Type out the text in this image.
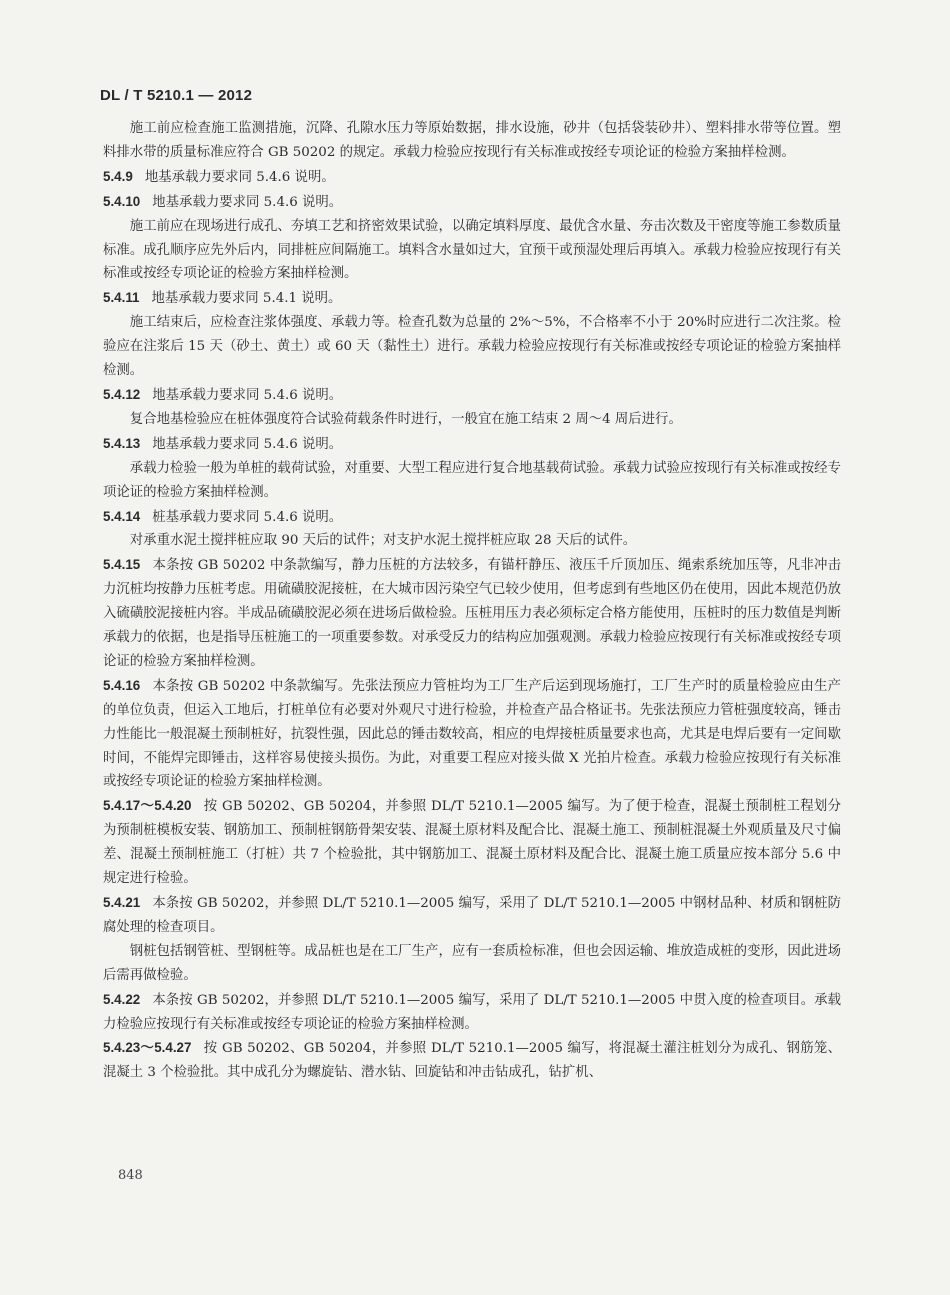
DL / T 5210.1 — 2012

施工前应检查施工监测措施，沉降、孔隙水压力等原始数据，排水设施，砂井（包括袋装砂井）、塑料排水带等位置。塑料排水带的质量标准应符合 GB 50202 的规定。承载力检验应按现行有关标准或按经专项论证的检验方案抽样检测。

5.4.9 地基承载力要求同 5.4.6 说明。

5.4.10 地基承载力要求同 5.4.6 说明。

施工前应在现场进行成孔、夯填工艺和挤密效果试验，以确定填料厚度、最优含水量、夯击次数及干密度等施工参数质量标准。成孔顺序应先外后内，同排桩应间隔施工。填料含水量如过大，宜预干或预湿处理后再填入。承载力检验应按现行有关标准或按经专项论证的检验方案抽样检测。

5.4.11 地基承载力要求同 5.4.1 说明。

施工结束后，应检查注浆体强度、承载力等。检查孔数为总量的 2%～5%，不合格率不小于 20%时应进行二次注浆。检验应在注浆后 15 天（砂土、黄土）或 60 天（黏性土）进行。承载力检验应按现行有关标准或按经专项论证的检验方案抽样检测。

5.4.12 地基承载力要求同 5.4.6 说明。

复合地基检验应在桩体强度符合试验荷载条件时进行，一般宜在施工结束 2 周～4 周后进行。

5.4.13 地基承载力要求同 5.4.6 说明。

承载力检验一般为单桩的载荷试验，对重要、大型工程应进行复合地基载荷试验。承载力试验应按现行有关标准或按经专项论证的检验方案抽样检测。

5.4.14 桩基承载力要求同 5.4.6 说明。

对承重水泥土搅拌桩应取 90 天后的试件；对支护水泥土搅拌桩应取 28 天后的试件。

5.4.15 本条按 GB 50202 中条款编写，静力压桩的方法较多，有锚杆静压、液压千斤顶加压、绳索系统加压等，凡非冲击力沉桩均按静力压桩考虑。用硫磺胶泥接桩，在大城市因污染空气已较少使用，但考虑到有些地区仍在使用，因此本规范仍放入硫磺胶泥接桩内容。半成品硫磺胶泥必须在进场后做检验。压桩用压力表必须标定合格方能使用，压桩时的压力数值是判断承载力的依据，也是指导压桩施工的一项重要参数。对承受反力的结构应加强观测。承载力检验应按现行有关标准或按经专项论证的检验方案抽样检测。

5.4.16 本条按 GB 50202 中条款编写。先张法预应力管桩均为工厂生产后运到现场施打，工厂生产时的质量检验应由生产的单位负责，但运入工地后，打桩单位有必要对外观尺寸进行检验，并检查产品合格证书。先张法预应力管桩强度较高，锤击力性能比一般混凝土预制桩好，抗裂性强，因此总的锤击数较高，相应的电焊接桩质量要求也高，尤其是电焊后要有一定间歇时间，不能焊完即锤击，这样容易使接头损伤。为此，对重要工程应对接头做 X 光拍片检查。承载力检验应按现行有关标准或按经专项论证的检验方案抽样检测。

5.4.17～5.4.20 按 GB 50202、GB 50204，并参照 DL/T 5210.1—2005 编写。为了便于检查，混凝土预制桩工程划分为预制桩模板安装、钢筋加工、预制桩钢筋骨架安装、混凝土原材料及配合比、混凝土施工、预制桩混凝土外观质量及尺寸偏差、混凝土预制桩施工（打桩）共 7 个检验批，其中钢筋加工、混凝土原材料及配合比、混凝土施工质量应按本部分 5.6 中规定进行检验。

5.4.21 本条按 GB 50202，并参照 DL/T 5210.1—2005 编写，采用了 DL/T 5210.1—2005 中钢材品种、材质和钢桩防腐处理的检查项目。

钢桩包括钢管桩、型钢桩等。成品桩也是在工厂生产，应有一套质检标准，但也会因运输、堆放造成桩的变形，因此进场后需再做检验。

5.4.22 本条按 GB 50202，并参照 DL/T 5210.1—2005 编写，采用了 DL/T 5210.1—2005 中贯入度的检查项目。承载力检验应按现行有关标准或按经专项论证的检验方案抽样检测。

5.4.23～5.4.27 按 GB 50202、GB 50204，并参照 DL/T 5210.1—2005 编写，将混凝土灌注桩划分为成孔、钢筋笼、混凝土 3 个检验批。其中成孔分为螺旋钻、潜水钻、回旋钻和冲击钻成孔，钻扩机、

848
